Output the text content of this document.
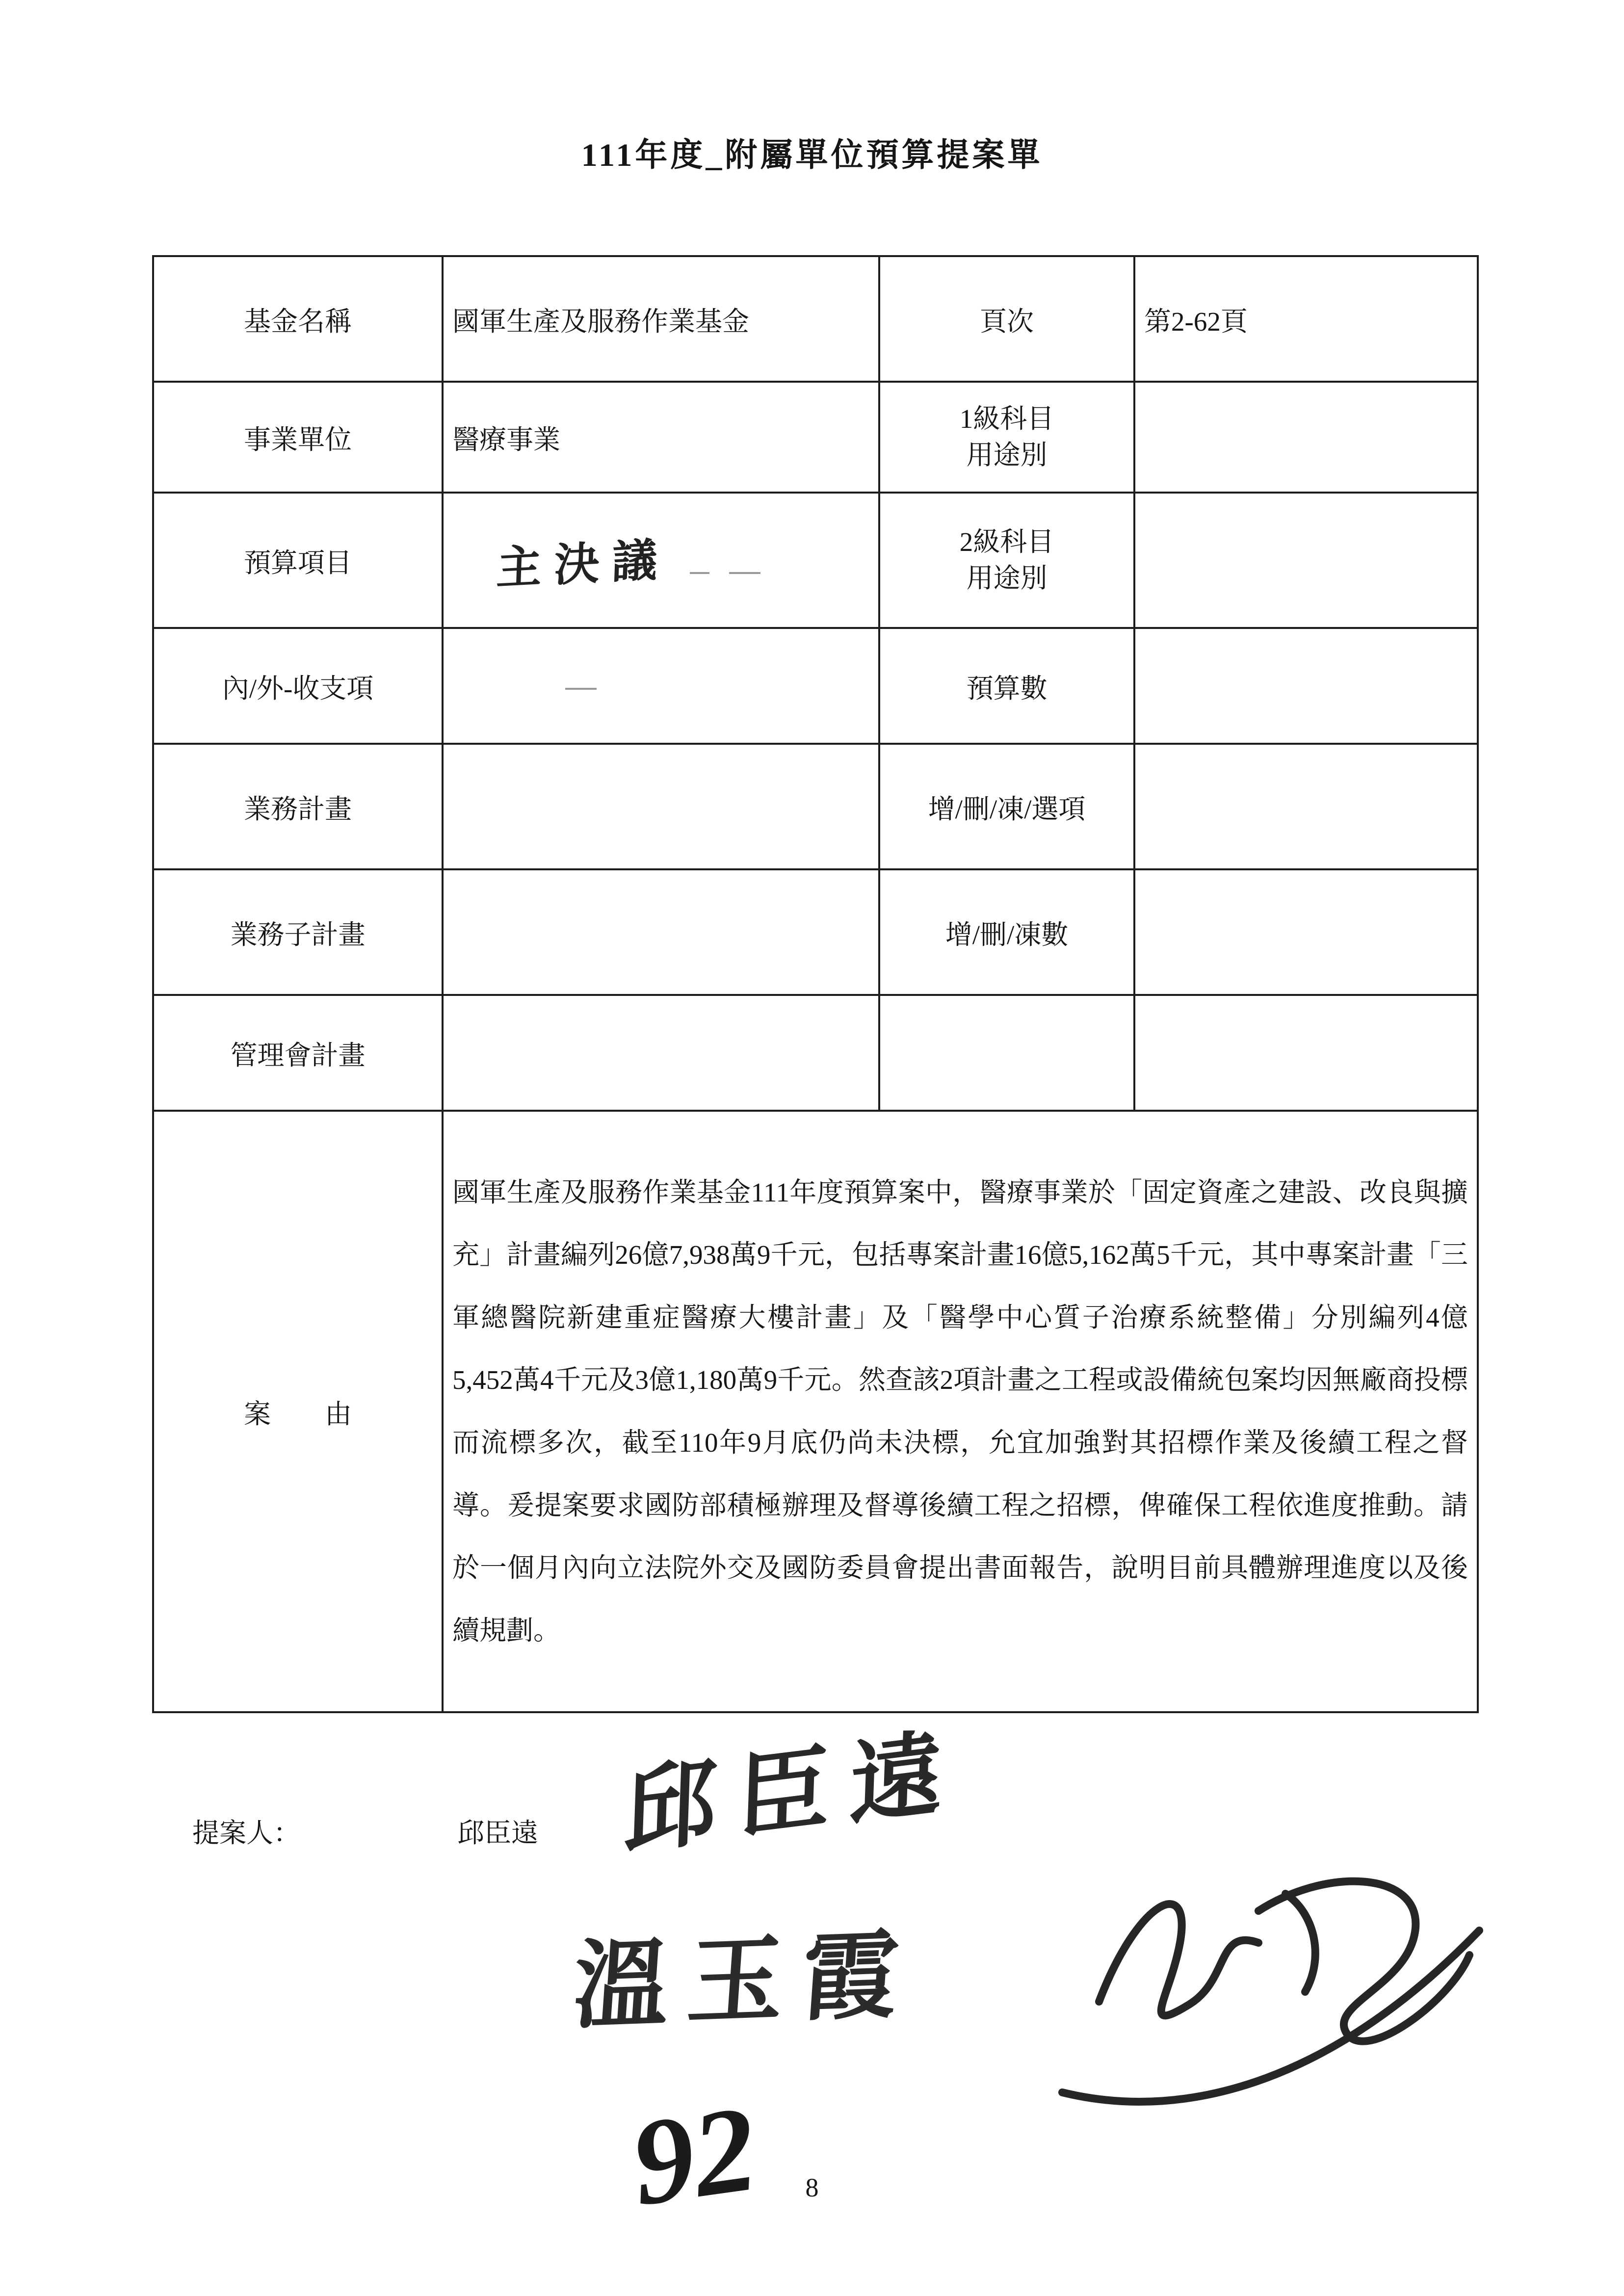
111年度_附屬單位預算提案單
基金名稱	國軍生產及服務作業基金	頁次	第2-62頁
事業單位	醫療事業	1級科目
用途別	

預算項目	主決議	2級科目
用途別	

內/外-收支項		預算數	
業務計畫		增/刪/凍/選項	
業務子計畫		增/刪/凍數	
管理會計畫			
案　　由	國軍生產及服務作業基金111年度預算案中，醫療事業於「固定資產之建設、改良與擴充」計畫編列26億7,938萬9千元，包括專案計畫16億5,162萬5千元，其中專案計畫「三軍總醫院新建重症醫療大樓計畫」及「醫學中心質子治療系統整備」分別編列4億5,452萬4千元及3億1,180萬9千元。然查該2項計畫之工程或設備統包案均因無廠商投標而流標多次，截至110年9月底仍尚未決標，允宜加強對其招標作業及後續工程之督導。爰提案要求國防部積極辦理及督導後續工程之招標，俾確保工程依進度推動。請於一個月內向立法院外交及國防委員會提出書面報告，說明目前具體辦理進度以及後續規劃。		
提案人：	邱臣遠 邱臣遠
溫玉霞
92	8
